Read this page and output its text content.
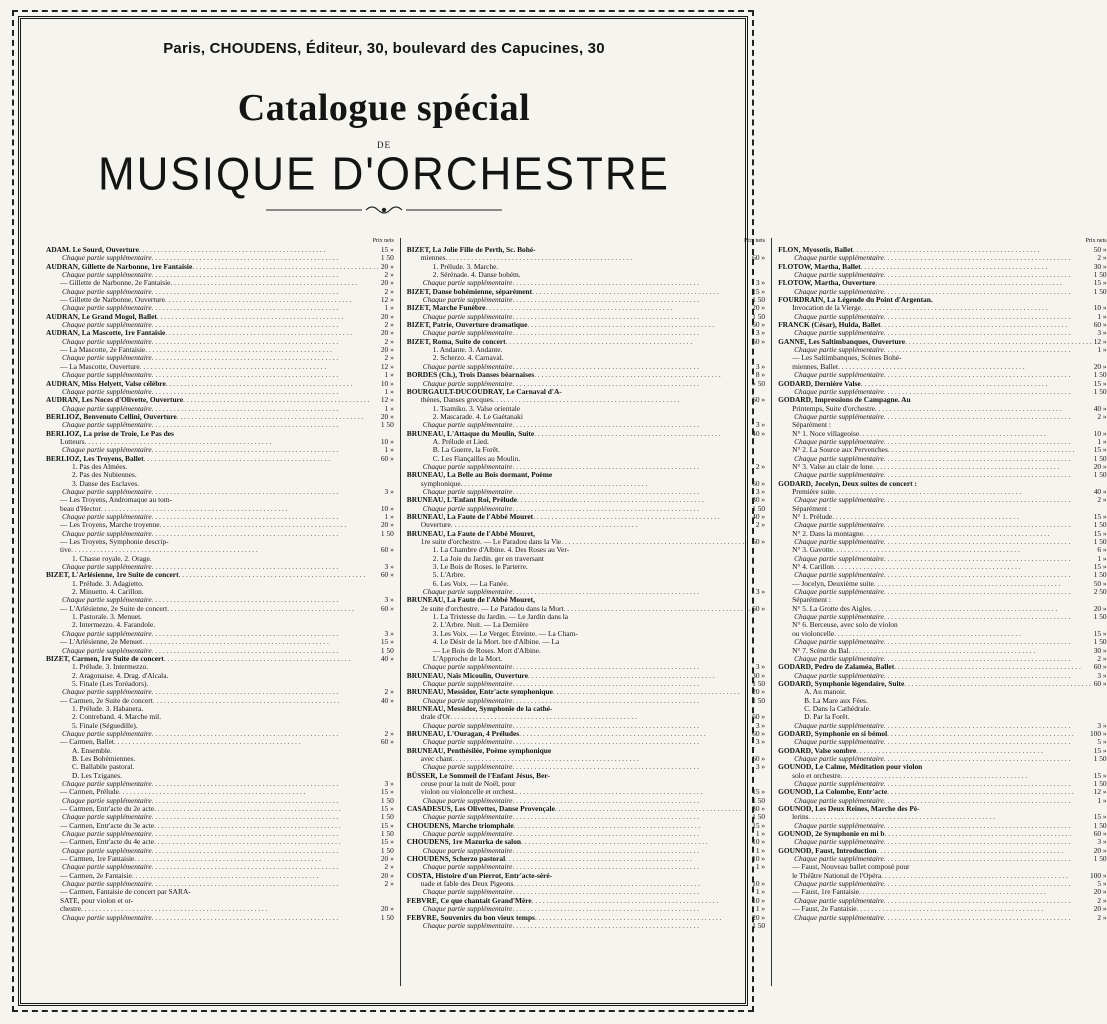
Paris, CHOUDENS, Éditeur, 30, boulevard des Capucines, 30
Catalogue spécial
DE
MUSIQUE D'ORCHESTRE
Prix nets
ADAM. Le Sourd, Ouverture . . .	15 »
Chaque partie supplémentaire . . .	1 50
AUDRAN, Gillette de Narbonne, 1re Fantaisie . . .	20 »
Chaque partie supplémentaire . . .	2 »
— Gillette de Narbonne, 2e Fantaisie . . .	20 »
Chaque partie supplémentaire . . .	2 »
— Gillette de Narbonne, Ouverture . . .	12 »
Chaque partie supplémentaire . . .	1 »
AUDRAN, Le Grand Mogol, Ballet . . .	20 »
Chaque partie supplémentaire . . .	2 »
AUDRAN, La Mascotte, 1re Fantaisie . . .	20 »
Chaque partie supplémentaire . . .	2 »
— La Mascotte, 2e Fantaisie . . .	20 »
Chaque partie supplémentaire . . .	2 »
— La Mascotte, Ouverture . . .	12 »
Chaque partie supplémentaire . . .	1 »
AUDRAN, Miss Helyett, Valse célèbre . . .	10 »
Chaque partie supplémentaire . . .	1 »
AUDRAN, Les Noces d'Olivette, Ouverture . . .	12 »
Chaque partie supplémentaire . . .	1 »
BERLIOZ, Benvenuto Cellini, Ouverture . . .	20 »
Chaque partie supplémentaire . . .	1 50
BERLIOZ, La prise de Troie, Le Pas des
Lutteurs . . .	10 »
Chaque partie supplémentaire . . .	1 »
BERLIOZ, Les Troyens, Ballet . . .	60 »
1. Pas des Almées.
2. Pas des Nubiennes.
3. Danse des Esclaves.
Chaque partie supplémentaire . . .	3 »
— Les Troyens, Andromaque au tom-
beau d'Hector . . .	10 »
Chaque partie supplémentaire . . .	1 »
— Les Troyens, Marche troyenne . . .	20 »
Chaque partie supplémentaire . . .	1 50
— Les Troyens, Symphonie descrip-
tive . . .	60 »
1. Chasse royale. 2. Orage.
Chaque partie supplémentaire . . .	3 »
BIZET, L'Arlésienne, 1re Suite de concert . . .	60 »
1. Prélude. 3. Adagietto.
2. Minuetto. 4. Carillon.
Chaque partie supplémentaire . . .	3 »
— L'Arlésienne, 2e Suite de concert . . .	60 »
1. Pastorale. 3. Menuet.
2. Intermezzo. 4. Farandole.
Chaque partie supplémentaire . . .	3 »
— L'Arlésienne, 2e Menuet . . .	15 »
Chaque partie supplémentaire . . .	1 50
BIZET, Carmen, 1re Suite de concert . . .	40 »
1. Prélude. 3. Intermezzo.
2. Aragonaise. 4. Drag. d'Alcala.
5. Finale (Les Toréadors).
Chaque partie supplémentaire . . .	2 »
— Carmen, 2e Suite de concert . . .	40 »
1. Prélude. 3. Habanera.
2. Contreband. 4. Marche mil.
5. Finale (Séguedille).
Chaque partie supplémentaire . . .	2 »
— Carmen, Ballet . . .	60 »
A. Ensemble.
B. Les Bohémiennes.
C. Ballabile pastoral.
D. Les Tziganes.
Chaque partie supplémentaire . . .	3 »
— Carmen, Prélude . . .	15 »
Chaque partie supplémentaire . . .	1 50
— Carmen, Entr'acte du 2e acte . . .	15 »
Chaque partie supplémentaire . . .	1 50
— Carmen, Entr'acte du 3e acte . . .	15 »
Chaque partie supplémentaire . . .	1 50
— Carmen, Entr'acte du 4e acte . . .	15 »
Chaque partie supplémentaire . . .	1 50
— Carmen, 1re Fantaisie . . .	20 »
Chaque partie supplémentaire . . .	2 »
— Carmen, 2e Fantaisie . . .	20 »
Chaque partie supplémentaire . . .	2 »
— Carmen, Fantaisie de concert par SARA-
SATE, pour violon et or-
chestre . . .	20 »
Chaque partie supplémentaire . . .	1 50
Prix nets
BIZET, La Jolie Fille de Perth, Sc. Bohé-
miennes . . .	60 »
1. Prélude. 3. Marche.
2. Sérénade. 4. Danse bohém.
Chaque partie supplémentaire . . .	3 »
BIZET, Danse bohémienne, séparément . . .	15 »
Chaque partie supplémentaire . . .	1 50
BIZET, Marche Funèbre . . .	20 »
Chaque partie supplémentaire . . .	1 50
BIZET, Patrie, Ouverture dramatique . . .	60 »
Chaque partie supplémentaire . . .	3 »
BIZET, Roma, Suite de concert . . .	60 »
1. Andante. 3. Andante.
2. Scherzo. 4. Carnaval.
Chaque partie supplémentaire . . .	3 »
BORDES (Ch.), Trois Danses béarnaises . . .	8 »
Chaque partie supplémentaire . . .	» 50
BOURGAULT-DUCOUDRAY, Le Carnaval d'A-
thènes, Danses grecques . . .	60 »
1. Tsamiko. 3. Valse orientale
2. Mascarade. 4. Le Gaétanaki
Chaque partie supplémentaire . . .	3 »
BRUNEAU, L'Attaque du Moulin, Suite . . .	40 »
A. Prélude et Lied.
B. La Guerre, la Forêt.
C. Les Fiançailles au Moulin.
Chaque partie supplémentaire . . .	2 »
BRUNEAU, La Belle au Bois dormant, Poème
symphonique . . .	60 »
Chaque partie supplémentaire . . .	3 »
BRUNEAU, L'Enfant Roi, Prélude . . .	30 »
Chaque partie supplémentaire . . .	1 50
BRUNEAU, La Faute de l'Abbé Mouret . . .	40 »
Ouverture . . .	2 »
BRUNEAU, La Faute de l'Abbé Mouret,
1re suite d'orchestre. — Le Paradou dans la Vie . . .	60 »
1. La Chambre d'Albine. 4. Des Roses au Ver-
2. La Joie du Jardin. ger en traversant
3. Le Bois de Roses. le Parterre.
5. L'Arbre.
6. Les Voix. — La Fanée.
Chaque partie supplémentaire . . .	3 »
BRUNEAU, La Faute de l'Abbé Mouret,
2e suite d'orchestre. — Le Paradou dans la Mort . . .	60 »
1. La Tristesse du Jardin. — Le Jardin dans la
2. L'Arbre. Nuit. — La Dernière
3. Les Voix. — Le Verger. Étreinte. — La Cham-
4. Le Désir de la Mort. bre d'Albine. — La
— Le Bois de Roses. Mort d'Albine.
L'Approche de la Mort.
Chaque partie supplémentaire . . .	3 »
BRUNEAU, Naïs Micoulin, Ouverture . . .	30 »
Chaque partie supplémentaire . . .	1 50
BRUNEAU, Messidor, Entr'acte symphonique . . .	20 »
Chaque partie supplémentaire . . .	1 50
BRUNEAU, Messidor, Symphonie de la cathé-
drale d'Or . . .	60 »
Chaque partie supplémentaire . . .	3 »
BRUNEAU, L'Ouragan, 4 Préludes . . .	60 »
Chaque partie supplémentaire . . .	3 »
BRUNEAU, Penthésilée, Poème symphonique
avec chant . . .	60 »
Chaque partie supplémentaire . . .	3 »
BÜSSER, Le Sommeil de l'Enfant Jésus, Ber-
ceuse pour la nuit de Noël, pour
violon ou violoncelle et orchest. . . .	15 »
Chaque partie supplémentaire . . .	1 50
CASADESUS, Les Olivettes, Danse Provençale . . .	30 »
Chaque partie supplémentaire . . .	1 50
CHOUDENS, Marche triomphale . . .	15 »
Chaque partie supplémentaire . . .	1 »
CHOUDENS, 1re Mazurka de salon . . .	10 »
Chaque partie supplémentaire . . .	1 »
CHOUDENS, Scherzo pastoral . . .	10 »
Chaque partie supplémentaire . . .	1 »
COSTA, Histoire d'un Pierrot, Entr'acte-séré-
nade et fable des Deux Pigeons . . .	10 »
Chaque partie supplémentaire . . .	1 »
FEBVRE, Ce que chantait Grand'Mère . . .	10 »
Chaque partie supplémentaire . . .	1 »
FEBVRE, Souvenirs du bon vieux temps . . .	20 »
Chaque partie supplémentaire . . .	1 50
Prix nets
FLON, Myosotis, Ballet . . .	50 »
Chaque partie supplémentaire . . .	2 »
FLOTOW, Martha, Ballet . . .	30 »
Chaque partie supplémentaire . . .	1 50
FLOTOW, Martha, Ouverture . . .	15 »
Chaque partie supplémentaire . . .	1 50
FOURDRAIN, La Légende du Point d'Argentan.
Invocation de la Vierge . . .	10 »
Chaque partie supplémentaire . . .	1 »
FRANCK (César), Hulda, Ballet . . .	60 »
Chaque partie supplémentaire . . .	3 »
GANNE, Les Saltimbanques, Ouverture . . .	12 »
Chaque partie supplémentaire . . .	1 »
— Les Saltimbanques, Scènes Bohé-
miennes, Ballet . . .	20 »
Chaque partie supplémentaire . . .	1 50
GODARD, Dernière Valse . . .	15 »
Chaque partie supplémentaire . . .	1 50
GODARD, Impressions de Campagne. Au
Printemps, Suite d'orchestre . . .	40 »
Chaque partie supplémentaire . . .	2 »
Séparément :
N° 1. Noce villageoise . . .	10 »
Chaque partie supplémentaire . . .	1 »
N° 2. La Source aux Pervenches . . .	15 »
Chaque partie supplémentaire . . .	1 50
N° 3. Valse au clair de lune . . .	20 »
Chaque partie supplémentaire . . .	1 50
GODARD, Jocelyn, Deux suites de concert :
Première suite . . .	40 »
Chaque partie supplémentaire . . .	2 »
Séparément :
N° 1. Prélude . . .	15 »
Chaque partie supplémentaire . . .	1 50
N° 2. Dans la montagne . . .	15 »
Chaque partie supplémentaire . . .	1 50
N° 3. Gavotte . . .	6 »
Chaque partie supplémentaire . . .	1 »
N° 4. Carillon . . .	15 »
Chaque partie supplémentaire . . .	1 50
— Jocelyn, Deuxième suite . . .	50 »
Chaque partie supplémentaire . . .	2 50
Séparément :
N° 5. La Grotte des Aigles . . .	20 »
Chaque partie supplémentaire . . .	1 50
N° 6. Berceuse, avec solo de violon
ou violoncelle . . .	15 »
Chaque partie supplémentaire . . .	1 50
N° 7. Scène du Bal . . .	30 »
Chaque partie supplémentaire . . .	2 »
GODARD, Pedro de Zalaméa, Ballet . . .	60 »
Chaque partie supplémentaire . . .	3 »
GODARD, Symphonie légendaire, Suite . . .	60 »
A. Au manoir.
B. La Mare aux Fées.
C. Dans la Cathédrale.
D. Par la Forêt.
Chaque partie supplémentaire . . .	3 »
GODARD, Symphonie en si bémol . . .	100 »
Chaque partie supplémentaire . . .	5 »
GODARD, Valse sombre . . .	15 »
Chaque partie supplémentaire . . .	1 50
GOUNOD, Le Calme, Méditation pour violon
solo et orchestre . . .	15 »
Chaque partie supplémentaire . . .	1 50
GOUNOD, La Colombe, Entr'acte . . .	12 »
Chaque partie supplémentaire . . .	1 »
GOUNOD, Les Deux Reines, Marche des Pè-
lerins . . .	15 »
Chaque partie supplémentaire . . .	1 50
GOUNOD, 2e Symphonie en mi b . . .	60 »
Chaque partie supplémentaire . . .	3 »
GOUNOD, Faust, Introduction . . .	20 »
Chaque partie supplémentaire . . .	1 50
— Faust, Nouveau ballet composé pour
le Théâtre National de l'Opéra . . .	100 »
Chaque partie supplémentaire . . .	5 »
— Faust, 1re Fantaisie . . .	20 »
Chaque partie supplémentaire . . .	2 »
— Faust, 2e Fantaisie . . .	20 »
Chaque partie supplémentaire . . .	2 »
